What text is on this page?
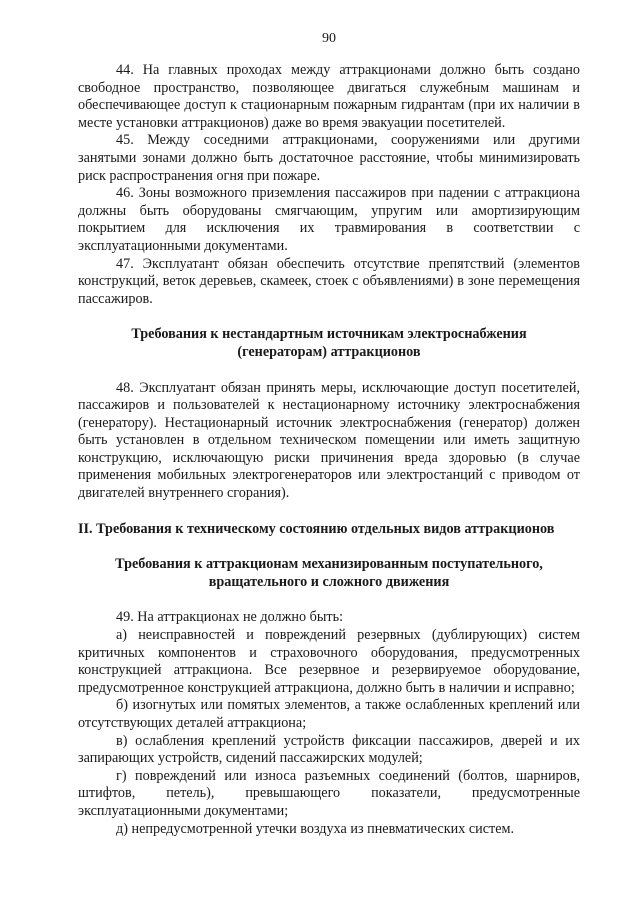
90

44. На главных проходах между аттракционами должно быть создано свободное пространство, позволяющее двигаться служебным машинам и обеспечивающее доступ к стационарным пожарным гидрантам (при их наличии в месте установки аттракционов) даже во время эвакуации посетителей.

45. Между соседними аттракционами, сооружениями или другими занятыми зонами должно быть достаточное расстояние, чтобы минимизировать риск распространения огня при пожаре.

46. Зоны возможного приземления пассажиров при падении с аттракциона должны быть оборудованы смягчающим, упругим или амортизирующим покрытием для исключения их травмирования в соответствии с эксплуатационными документами.

47. Эксплуатант обязан обеспечить отсутствие препятствий (элементов конструкций, веток деревьев, скамеек, стоек с объявлениями) в зоне перемещения пассажиров.

Требования к нестандартным источникам электроснабжения
(генераторам) аттракционов

48. Эксплуатант обязан принять меры, исключающие доступ посетителей, пассажиров и пользователей к нестационарному источнику электроснабжения (генератору). Нестационарный источник электроснабжения (генератор) должен быть установлен в отдельном техническом помещении или иметь защитную конструкцию, исключающую риски причинения вреда здоровью (в случае применения мобильных электрогенераторов или электростанций с приводом от двигателей внутреннего сгорания).

II. Требования к техническому состоянию отдельных видов аттракционов
Требования к аттракционам механизированным поступательного,
вращательного и сложного движения

49. На аттракционах не должно быть:

а) неисправностей и повреждений резервных (дублирующих) систем критичных компонентов и страховочного оборудования, предусмотренных конструкцией аттракциона. Все резервное и резервируемое оборудование, предусмотренное конструкцией аттракциона, должно быть в наличии и исправно;

б) изогнутых или помятых элементов, а также ослабленных креплений или отсутствующих деталей аттракциона;

в) ослабления креплений устройств фиксации пассажиров, дверей и их запирающих устройств, сидений пассажирских модулей;

г) повреждений или износа разъемных соединений (болтов, шарниров, штифтов, петель), превышающего показатели, предусмотренные эксплуатационными документами;

д) непредусмотренной утечки воздуха из пневматических систем.
